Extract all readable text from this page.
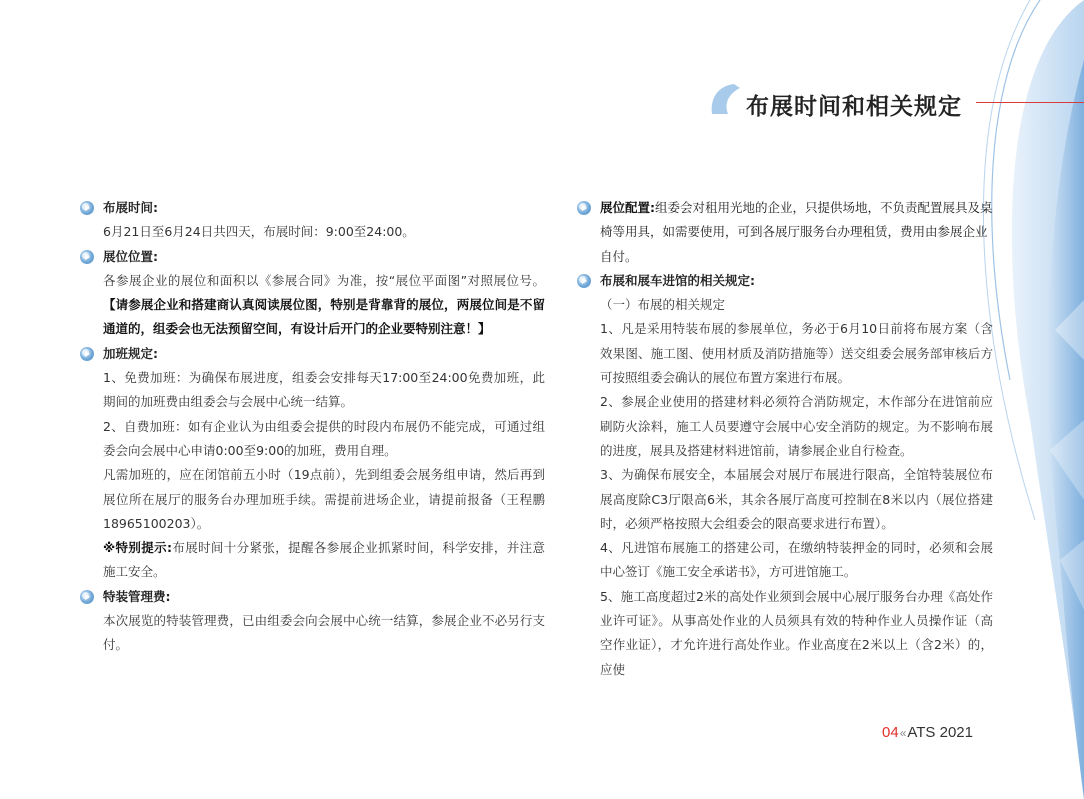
布展时间和相关规定
布展时间:
6月21日至6月24日共四天，布展时间：9:00至24:00。
展位位置:
各参展企业的展位和面积以《参展合同》为准，按“展位平面图”对照展位号。【请参展企业和搭建商认真阅读展位图，特别是背靠背的展位，两展位间是不留通道的，组委会也无法预留空间，有设计后开门的企业要特别注意！】
加班规定:
1、免费加班：为确保布展进度，组委会安排每天17:00至24:00免费加班，此期间的加班费由组委会与会展中心统一结算。
2、自费加班：如有企业认为由组委会提供的时段内布展仍不能完成，可通过组委会向会展中心申请0:00至9:00的加班，费用自理。
凡需加班的，应在闭馆前五小时（19点前），先到组委会展务组申请，然后再到展位所在展厅的服务台办理加班手续。需提前进场企业，请提前报备（王程鹏18965100203）。
※特别提示:布展时间十分紧张，提醒各参展企业抓紧时间，科学安排，并注意施工安全。
特装管理费:
本次展览的特装管理费，已由组委会向会展中心统一结算，参展企业不必另行支付。
展位配置:组委会对租用光地的企业，只提供场地，不负责配置展具及桌椅等用具，如需要使用，可到各展厅服务台办理租赁，费用由参展企业自付。
布展和展车进馆的相关规定:
（一）布展的相关规定
1、凡是采用特装布展的参展单位，务必于6月10日前将布展方案（含效果图、施工图、使用材质及消防措施等）送交组委会展务部审核后方可按照组委会确认的展位布置方案进行布展。
2、参展企业使用的搭建材料必须符合消防规定，木作部分在进馆前应刷防火涂料，施工人员要遵守会展中心安全消防的规定。为不影响布展的进度，展具及搭建材料进馆前，请参展企业自行检查。
3、为确保布展安全，本届展会对展厅布展进行限高，全馆特装展位布展高度除C3厅限高6米，其余各展厅高度可控制在8米以内（展位搭建时，必须严格按照大会组委会的限高要求进行布置）。
4、凡进馆布展施工的搭建公司，在缴纳特装押金的同时，必须和会展中心签订《施工安全承诺书》，方可进馆施工。
5、施工高度超过2米的高处作业须到会展中心展厅服务台办理《高处作业许可证》。从事高处作业的人员须具有效的特种作业人员操作证（高空作业证），才允许进行高处作业。作业高度在2米以上（含2米）的，应使
04«ATS 2021
